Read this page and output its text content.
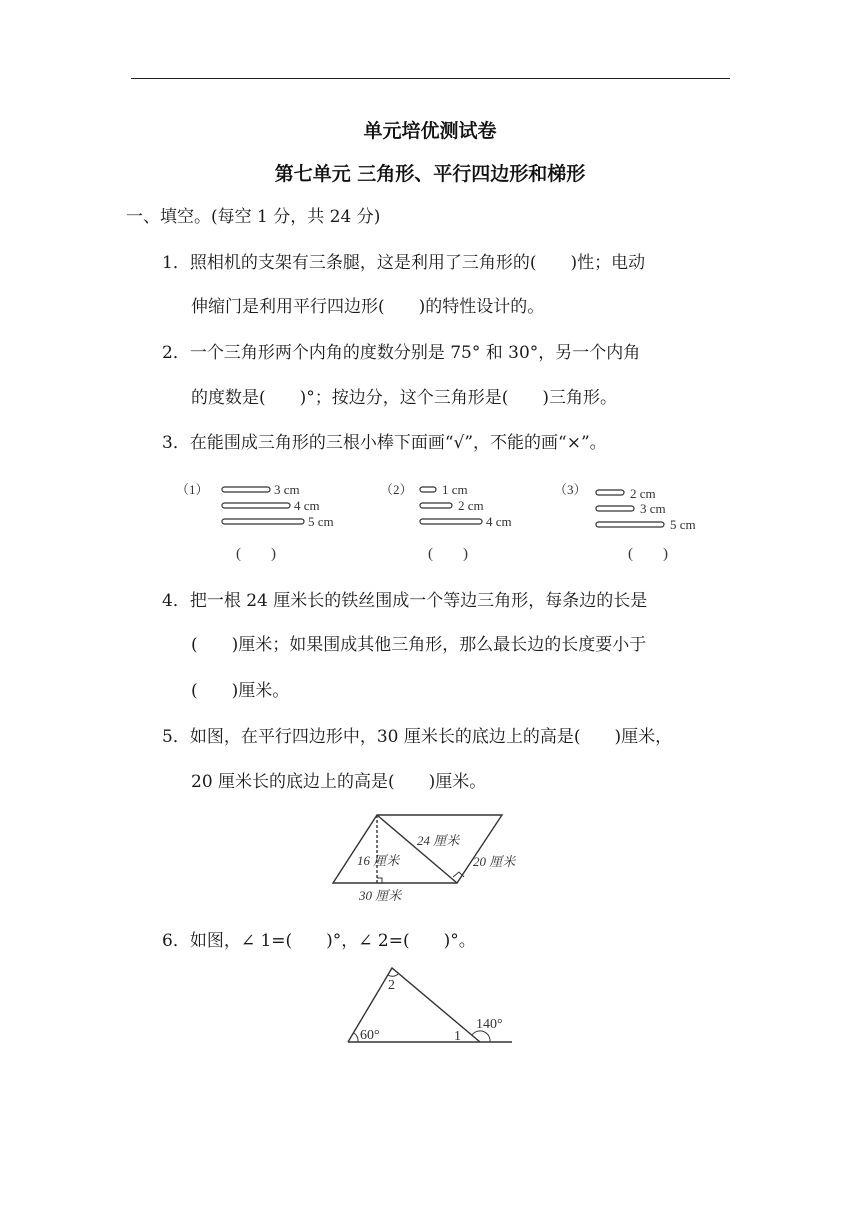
单元培优测试卷
第七单元 三角形、平行四边形和梯形
一、填空。(每空 1 分，共 24 分)
1．照相机的支架有三条腿，这是利用了三角形的(　　)性；电动
伸缩门是利用平行四边形(　　)的特性设计的。
2．一个三角形两个内角的度数分别是 75° 和 30°，另一个内角
的度数是(　　)°；按边分，这个三角形是(　　)三角形。
3．在能围成三角形的三根小棒下面画“√”，不能的画“×”。
（1）	3 cm
4 cm
5 cm
(　　)
（2） 1 cm
2 cm
4 cm
(　　)
（3）	2 cm
3 cm
5 cm
(　　)
4．把一根 24 厘米长的铁丝围成一个等边三角形，每条边的长是
(　　)厘米；如果围成其他三角形，那么最长边的长度要小于
(　　)厘米。
5．如图，在平行四边形中，30 厘米长的底边上的高是(　　)厘米，
20 厘米长的底边上的高是(　　)厘米。
24 厘米
16 厘米	20 厘米
30 厘米
6．如图，∠ 1=(　　)°，∠ 2=(　　)°。
60°
2
1
140°
